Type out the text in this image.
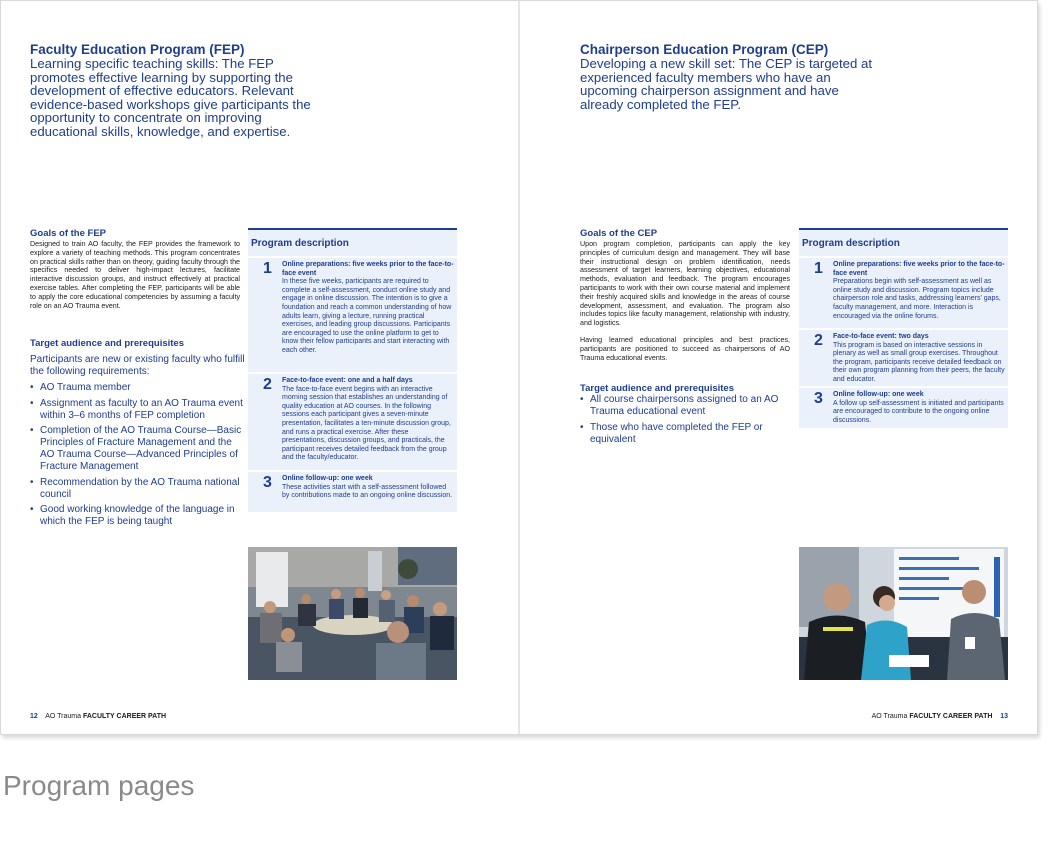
Faculty Education Program (FEP)
Learning specific teaching skills: The FEP promotes effective learning by supporting the development of effective educators. Relevant evidence-based workshops give participants the opportunity to concentrate on improving educational skills, knowledge, and expertise.
Goals of the FEP
Designed to train AO faculty, the FEP provides the framework to explore a variety of teaching methods. This program concentrates on practical skills rather than on theory, guiding faculty through the specifics needed to deliver high-impact lectures, facilitate interactive discussion groups, and instruct effectively at practical exercise tables. After completing the FEP, participants will be able to apply the core educational competencies by assuming a faculty role on an AO Trauma event.
Target audience and prerequisites
Participants are new or existing faculty who fulfill the following requirements:
• AO Trauma member
• Assignment as faculty to an AO Trauma event within 3–6 months of FEP completion
• Completion of the AO Trauma Course—Basic Principles of Fracture Management and the AO Trauma Course—Advanced Principles of Fracture Management
• Recommendation by the AO Trauma national council
• Good working knowledge of the language in which the FEP is being taught
Program description
1 Online preparations: five weeks prior to the face-to-face event
In these five weeks, participants are required to complete a self-assessment, conduct online study and engage in online discussion. The intention is to give a foundation and reach a common understanding of how adults learn, giving a lecture, running practical exercises, and leading group discussions. Participants are encouraged to use the online platform to get to know their fellow participants and start interacting with each other.
2 Face-to-face event: one and a half days
The face-to-face event begins with an interactive morning session that establishes an understanding of quality education at AO courses. In the following sessions each participant gives a seven-minute presentation, facilitates a ten-minute discussion group, and runs a practical exercise. After these presentations, discussion groups, and practicals, the participant receives detailed feedback from the group and the faculty/educator.
3 Online follow-up: one week
These activities start with a self-assessment followed by contributions made to an ongoing online discussion.
12 AO Trauma FACULTY CAREER PATH
Chairperson Education Program (CEP)
Developing a new skill set: The CEP is targeted at experienced faculty members who have an upcoming chairperson assignment and have already completed the FEP.
Goals of the CEP

Upon program completion, participants can apply the key principles of curriculum design and management. They will base their instructional design on problem identification, needs assessment of target learners, learning objectives, educational methods, evaluation and feedback. The program encourages participants to work with their own course material and implement their freshly acquired skills and knowledge in the areas of course development, assessment, and evaluation. The program also includes topics like faculty management, relationship with industry, and logistics.

Having learned educational principles and best practices, participants are positioned to succeed as chairpersons of AO Trauma educational events.

Target audience and prerequisites
• All course chairpersons assigned to an AO Trauma educational event
• Those who have completed the FEP or equivalent
Program description
1 Online preparations: five weeks prior to the face-to-face event
Preparations begin with self-assessment as well as online study and discussion. Program topics include chairperson role and tasks, addressing learners' gaps, faculty management, and more. Interaction is encouraged via the online forums.
2 Face-to-face event: two days
This program is based on interactive sessions in plenary as well as small group exercises. Throughout the program, participants receive detailed feedback on their own program planning from their peers, the faculty and educator.
3 Online follow-up: one week
A follow up self-assessment is initiated and participants are encouraged to contribute to the ongoing online discussions.
AO Trauma FACULTY CAREER PATH 13
Program pages
